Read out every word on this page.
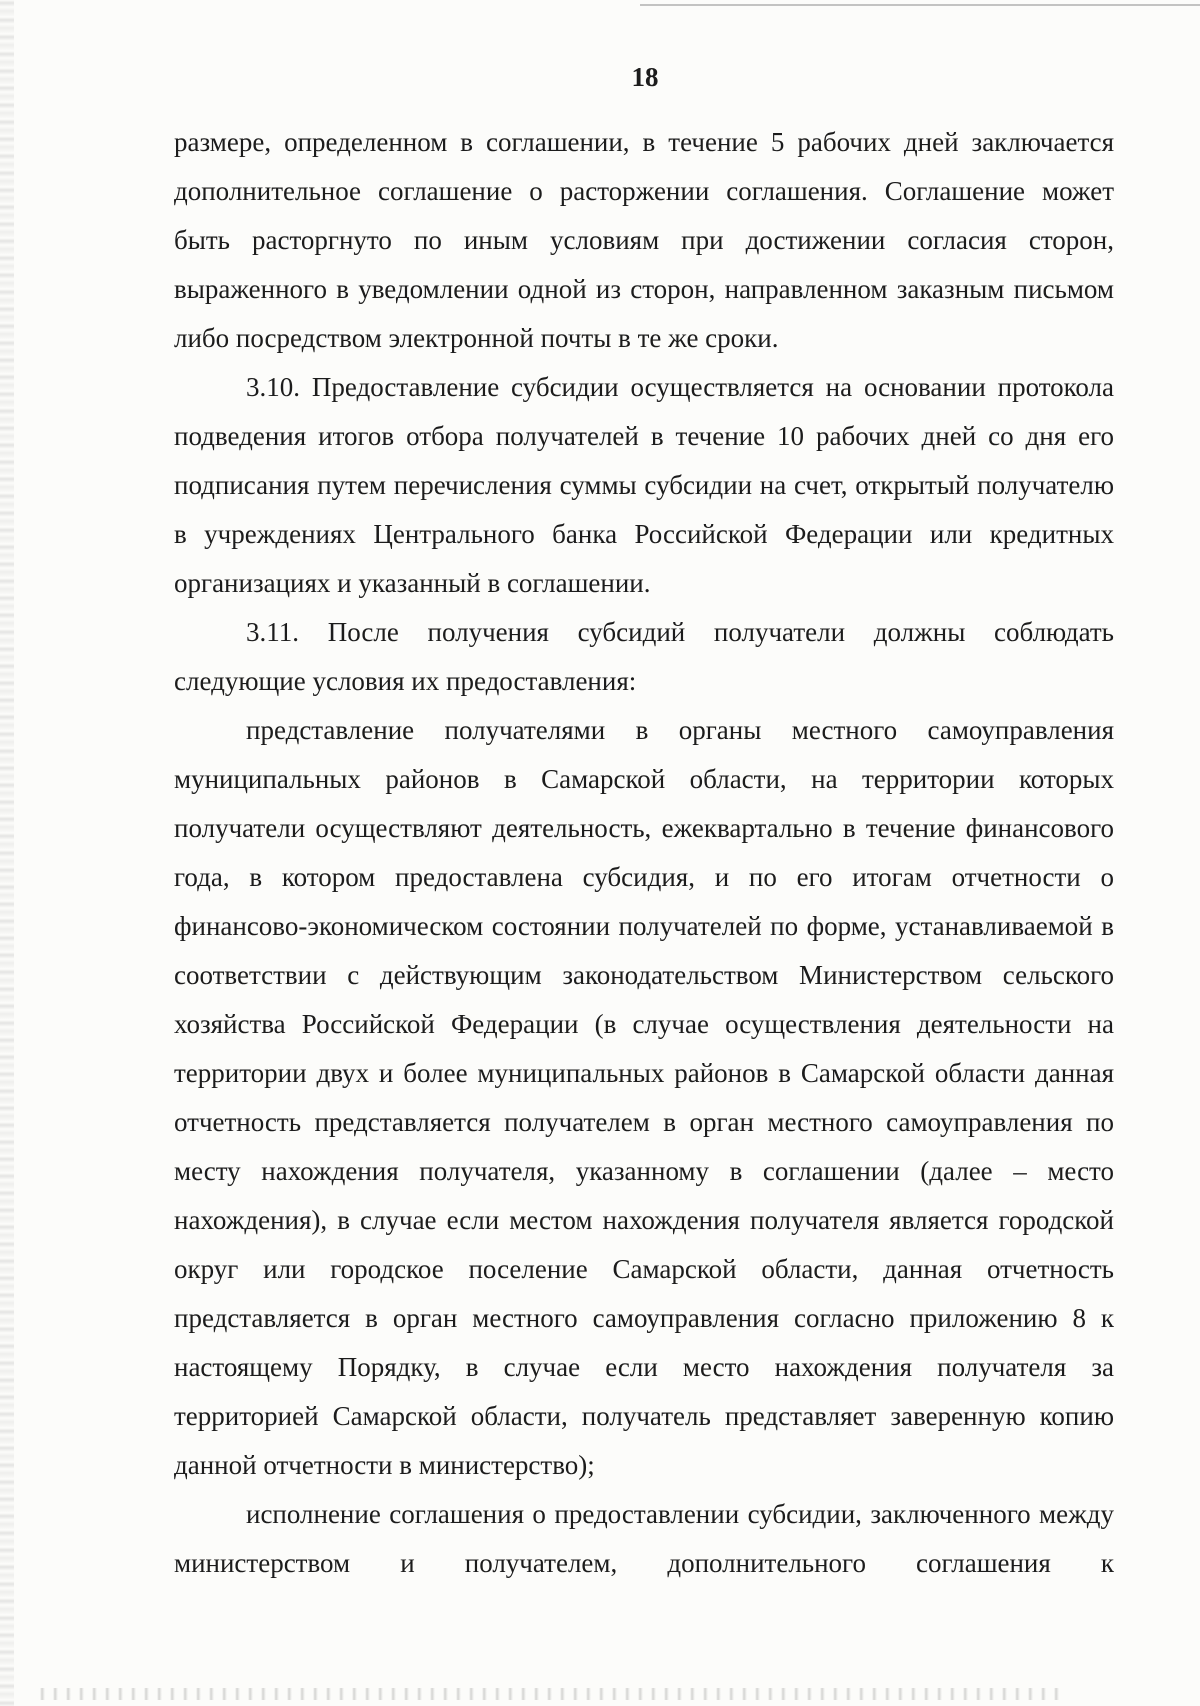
18

размере, определенном в соглашении, в течение 5 рабочих дней заключается дополнительное соглашение о расторжении соглашения. Соглашение может быть расторгнуто по иным условиям при достижении согласия сторон, выраженного в уведомлении одной из сторон, направленном заказным письмом либо посредством электронной почты в те же сроки.

3.10. Предоставление субсидии осуществляется на основании протокола подведения итогов отбора получателей в течение 10 рабочих дней со дня его подписания путем перечисления суммы субсидии на счет, открытый получателю в учреждениях Центрального банка Российской Федерации или кредитных организациях и указанный в соглашении.

3.11. После получения субсидий получатели должны соблюдать следующие условия их предоставления:

представление получателями в органы местного самоуправления муниципальных районов в Самарской области, на территории которых получатели осуществляют деятельность, ежеквартально в течение финансового года, в котором предоставлена субсидия, и по его итогам отчетности о финансово-экономическом состоянии получателей по форме, устанавливаемой в соответствии с действующим законодательством Министерством сельского хозяйства Российской Федерации (в случае осуществления деятельности на территории двух и более муниципальных районов в Самарской области данная отчетность представляется получателем в орган местного самоуправления по месту нахождения получателя, указанному в соглашении (далее – место нахождения), в случае если местом нахождения получателя является городской округ или городское поселение Самарской области, данная отчетность представляется в орган местного самоуправления согласно приложению 8 к настоящему Порядку, в случае если место нахождения получателя за территорией Самарской области, получатель представляет заверенную копию данной отчетности в министерство);

исполнение соглашения о предоставлении субсидии, заключенного между министерством и получателем, дополнительного соглашения к
